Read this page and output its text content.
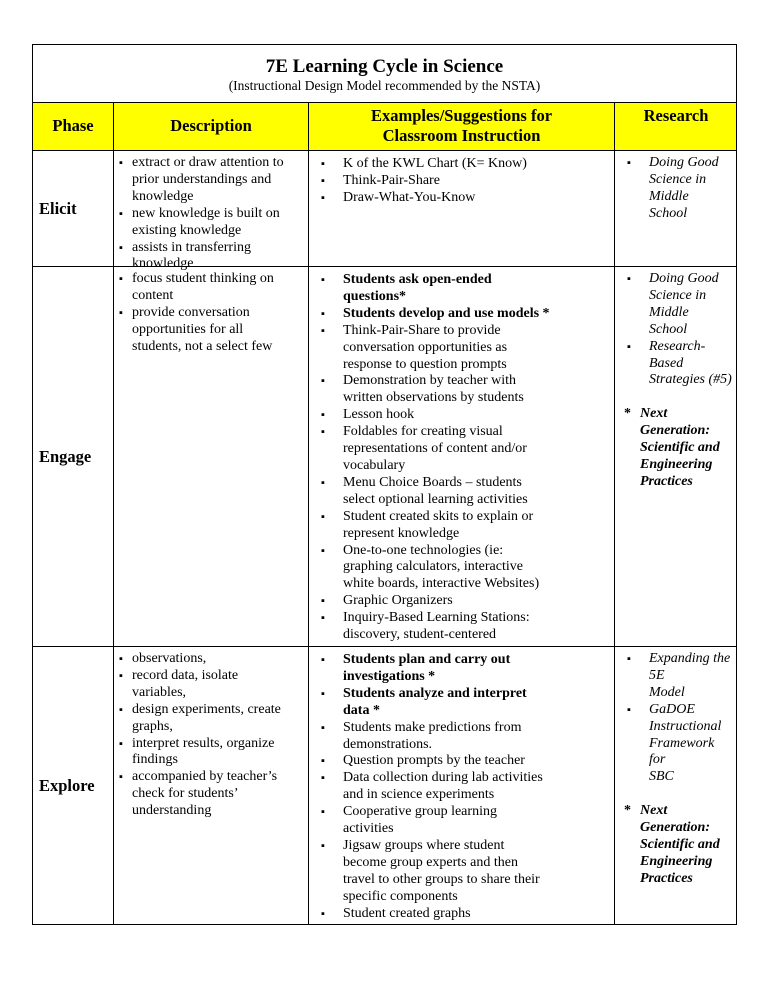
7E Learning Cycle in Science
(Instructional Design Model recommended by the NSTA)
Phase	Description
Examples/Suggestions for
Classroom Instruction
Research
Elicit
▪ extract or draw attention to
prior understandings and
knowledge
▪ new knowledge is built on
existing knowledge
▪ assists in transferring
knowledge
▪ K of the KWL Chart (K= Know)
▪ Think-Pair-Share
▪ Draw-What-You-Know
▪ Doing Good
Science in Middle
School
Engage
▪ focus student thinking on
content
▪ provide conversation
opportunities for all
students, not a select few
▪ Students ask open-ended
questions*
▪ Students develop and use models *
▪ Think-Pair-Share to provide
conversation opportunities as
response to question prompts
▪ Demonstration by teacher with
written observations by students
▪ Lesson hook
▪ Foldables for creating visual
representations of content and/or
vocabulary
▪ Menu Choice Boards – students
select optional learning activities
▪ Student created skits to explain or
represent knowledge
▪ One-to-one technologies (ie:
graphing calculators, interactive
white boards, interactive Websites)
▪ Graphic Organizers
▪ Inquiry-Based Learning Stations:
discovery, student-centered
▪ Doing Good
Science in Middle
School
▪ Research-Based
Strategies (#5)
* Next Generation:
Scientific and
Engineering
Practices
Explore
▪ observations,
▪ record data, isolate
variables,
▪ design experiments, create
graphs,
▪ interpret results, organize
findings
▪ accompanied by teacher’s
check for students’
understanding
▪ Students plan and carry out
investigations *
▪ Students analyze and interpret
data *
▪ Students make predictions from
demonstrations.
▪ Question prompts by the teacher
▪ Data collection during lab activities
and in science experiments
▪ Cooperative group learning
activities
▪ Jigsaw groups where student
become group experts and then
travel to other groups to share their
specific components
▪ Student created graphs
▪ Expanding the 5E
Model
▪ GaDOE
Instructional
Framework for
SBC
* Next Generation:
Scientific and
Engineering
Practices
